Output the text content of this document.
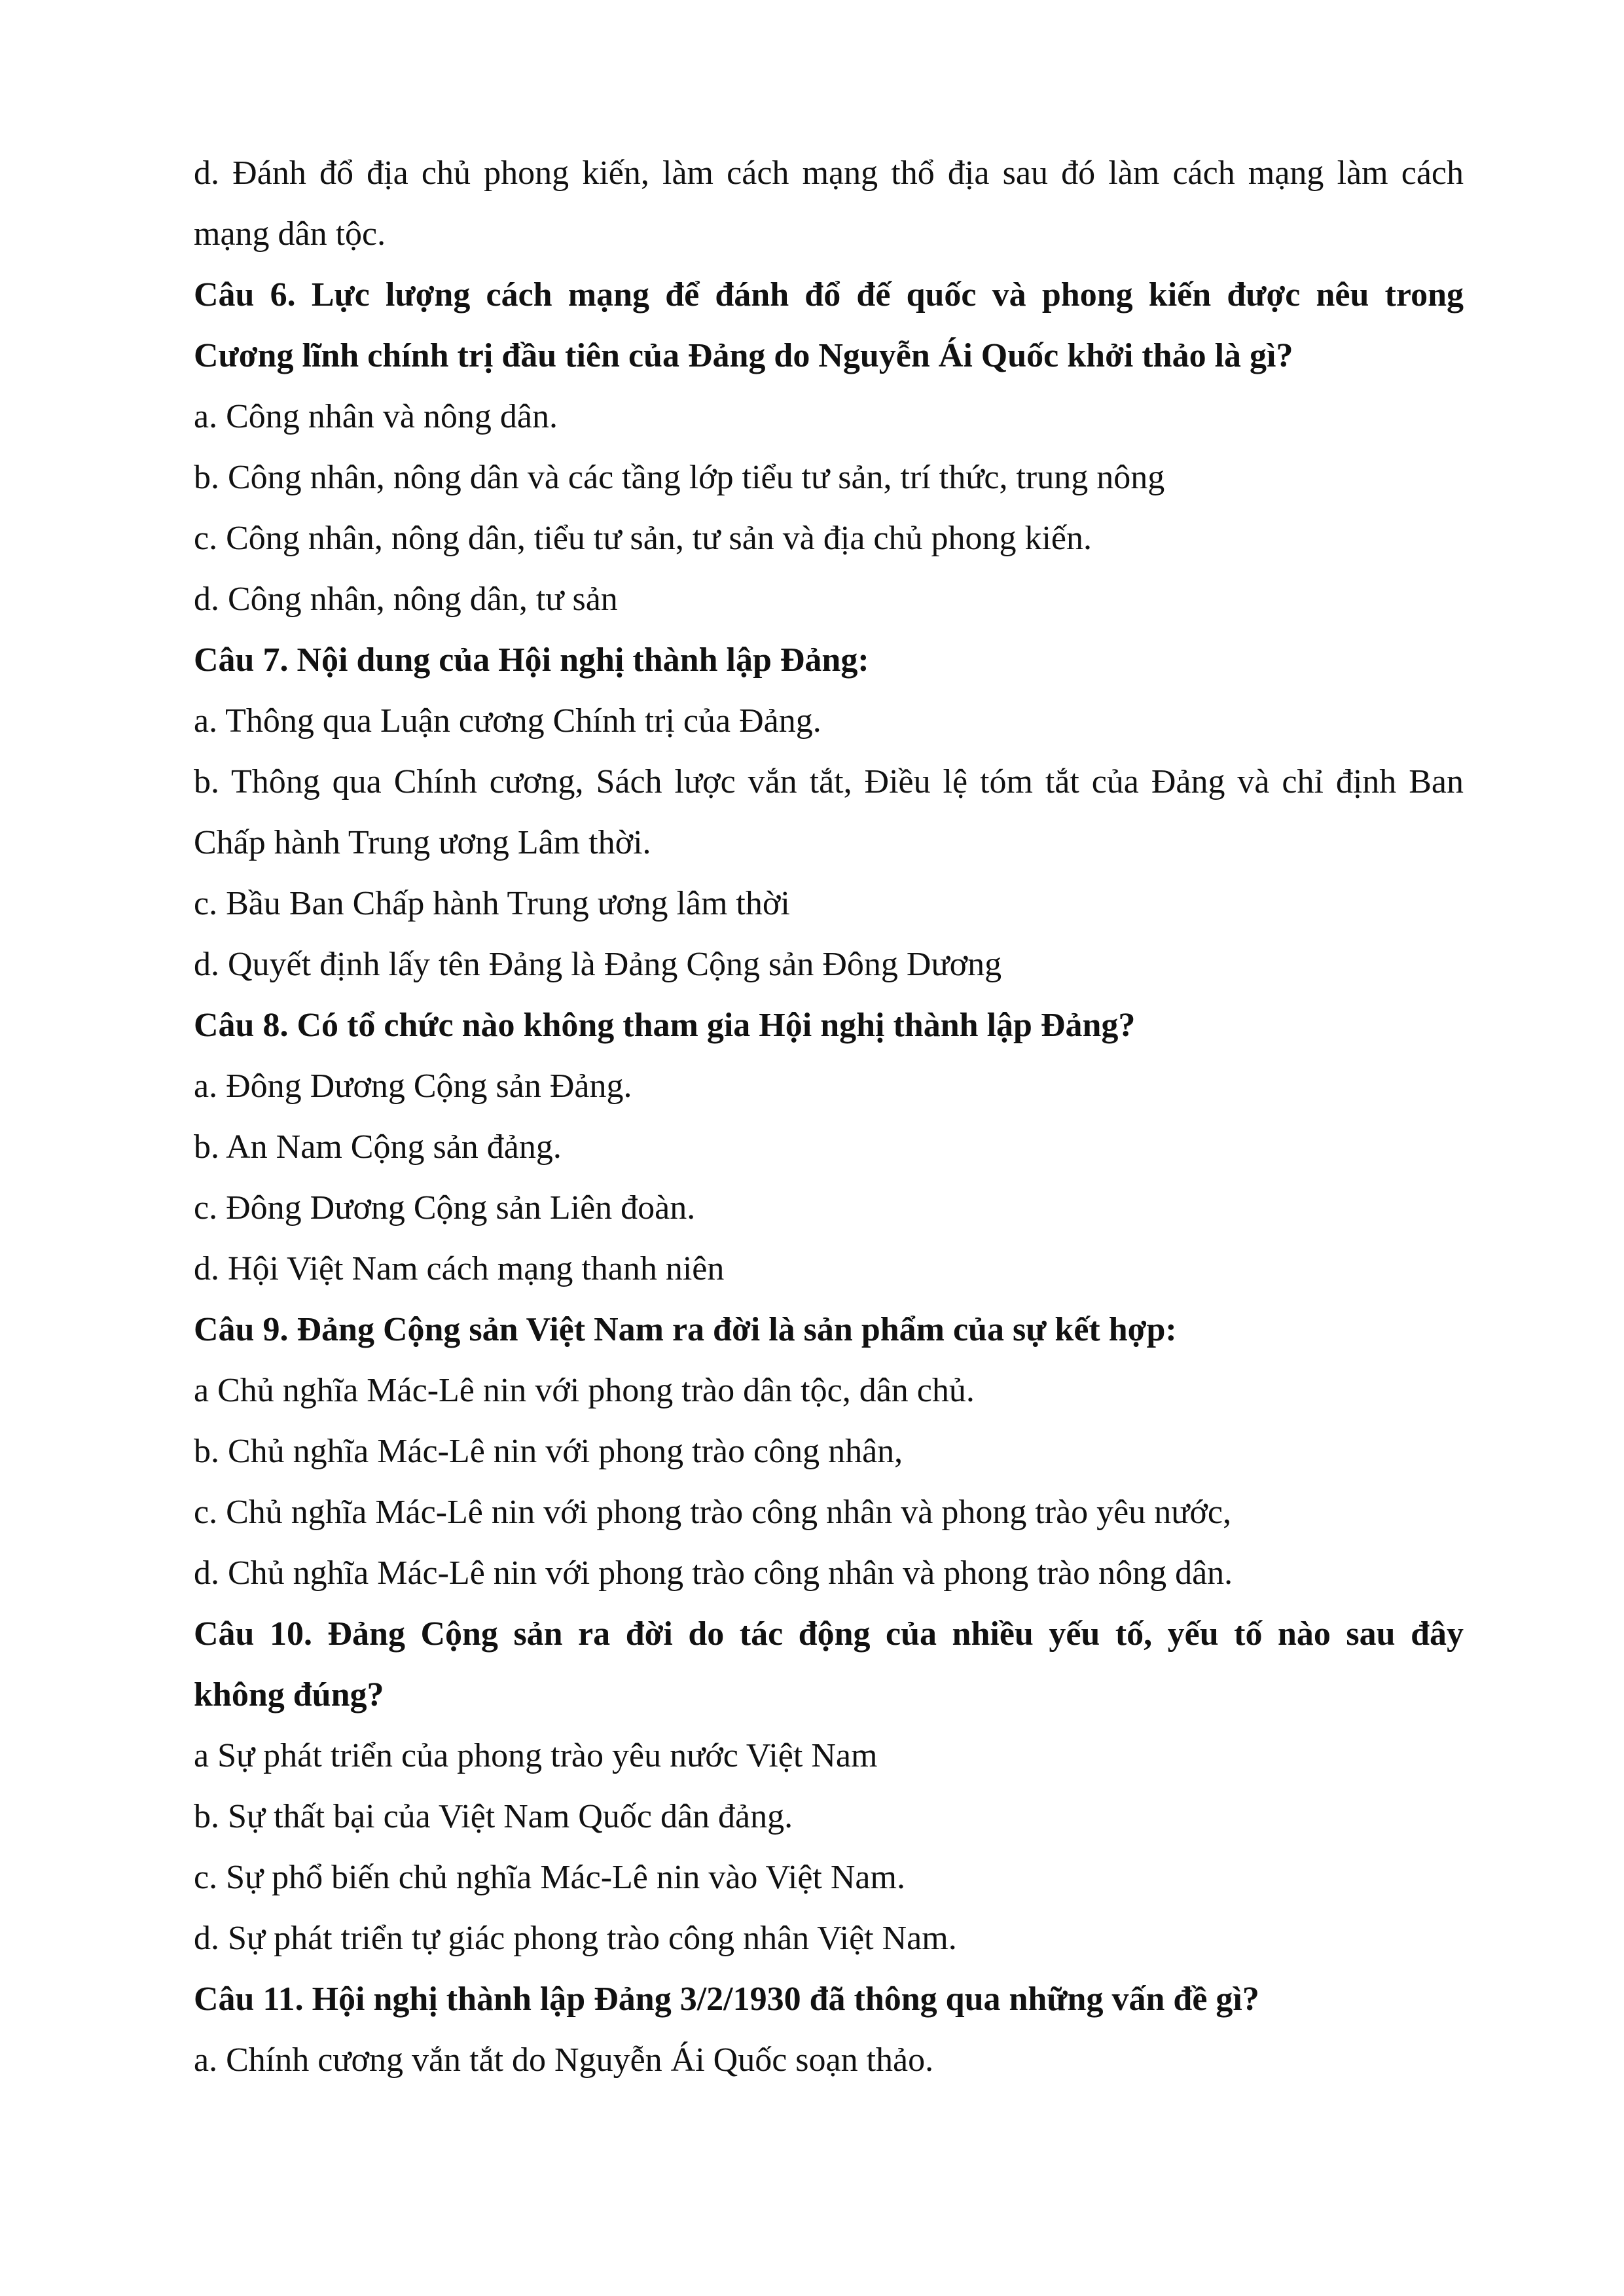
d. Đánh đổ địa chủ phong kiến, làm cách mạng thổ địa sau đó làm cách mạng làm cách

mạng dân tộc.

Câu 6. Lực lượng cách mạng để đánh đổ đế quốc và phong kiến được nêu trong

Cương lĩnh chính trị đầu tiên của Đảng do Nguyễn Ái Quốc khởi thảo là gì?

a. Công nhân và nông dân.

b. Công nhân, nông dân và các tầng lớp tiểu tư sản, trí thức, trung nông

c. Công nhân, nông dân, tiểu tư sản, tư sản và địa chủ phong kiến.

d. Công nhân, nông dân, tư sản

Câu 7. Nội dung của Hội nghị thành lập Đảng:

a. Thông qua Luận cương Chính trị của Đảng.

b. Thông qua Chính cương, Sách lược vắn tắt, Điều lệ tóm tắt của Đảng và chỉ định Ban

Chấp hành Trung ương Lâm thời.

c. Bầu Ban Chấp hành Trung ương lâm thời

d. Quyết định lấy tên Đảng là Đảng Cộng sản Đông Dương

Câu 8. Có tổ chức nào không tham gia Hội nghị thành lập Đảng?

a. Đông Dương Cộng sản Đảng.

b. An Nam Cộng sản đảng.

c. Đông Dương Cộng sản Liên đoàn.

d. Hội Việt Nam cách mạng thanh niên

Câu 9. Đảng Cộng sản Việt Nam ra đời là sản phẩm của sự kết hợp:

a Chủ nghĩa Mác-Lê nin với phong trào dân tộc, dân chủ.

b. Chủ nghĩa Mác-Lê nin với phong trào công nhân,

c. Chủ nghĩa Mác-Lê nin với phong trào công nhân và phong trào yêu nước,

d. Chủ nghĩa Mác-Lê nin với phong trào công nhân và phong trào nông dân.

Câu 10. Đảng Cộng sản ra đời do tác động của nhiều yếu tố, yếu tố nào sau đây

không đúng?

a Sự phát triển của phong trào yêu nước Việt Nam

b. Sự thất bại của Việt Nam Quốc dân đảng.

c. Sự phổ biến chủ nghĩa Mác-Lê nin vào Việt Nam.

d. Sự phát triển tự giác phong trào công nhân Việt Nam.

Câu 11. Hội nghị thành lập Đảng 3/2/1930 đã thông qua những vấn đề gì?

a. Chính cương vắn tắt do Nguyễn Ái Quốc soạn thảo.
